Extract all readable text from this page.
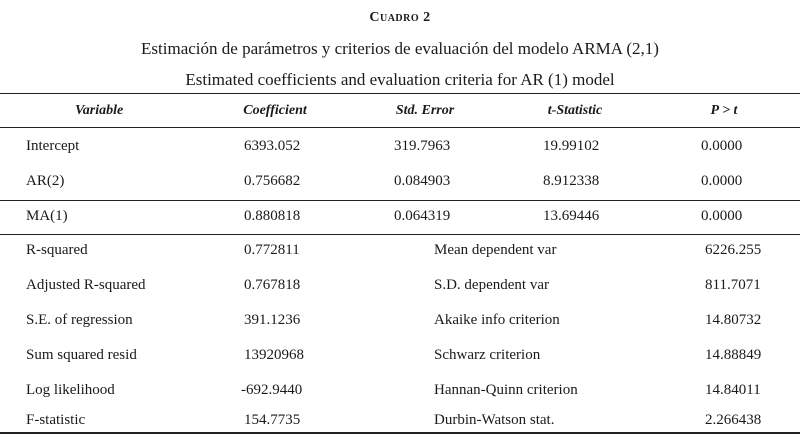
Cuadro 2
Estimación de parámetros y criterios de evaluación del modelo ARMA (2,1)
Estimated coefficients and evaluation criteria for AR (1) model
Variable	Coefficient	Std. Error	t-Statistic	P > t
Intercept	6393.052	319.7963	19.99102	0.0000
AR(2)	0.756682	0.084903	8.912338	0.0000
MA(1)	0.880818	0.064319	13.69446	0.0000
R-squared	0.772811	Mean dependent var	6226.255
Adjusted R-squared	0.767818	S.D. dependent var	811.7071
S.E. of regression	391.1236	Akaike info criterion	14.80732
Sum squared resid	13920968	Schwarz criterion	14.88849
Log likelihood	-692.9440	Hannan-Quinn criterion	14.84011
F-statistic	154.7735	Durbin-Watson stat.	2.266438
